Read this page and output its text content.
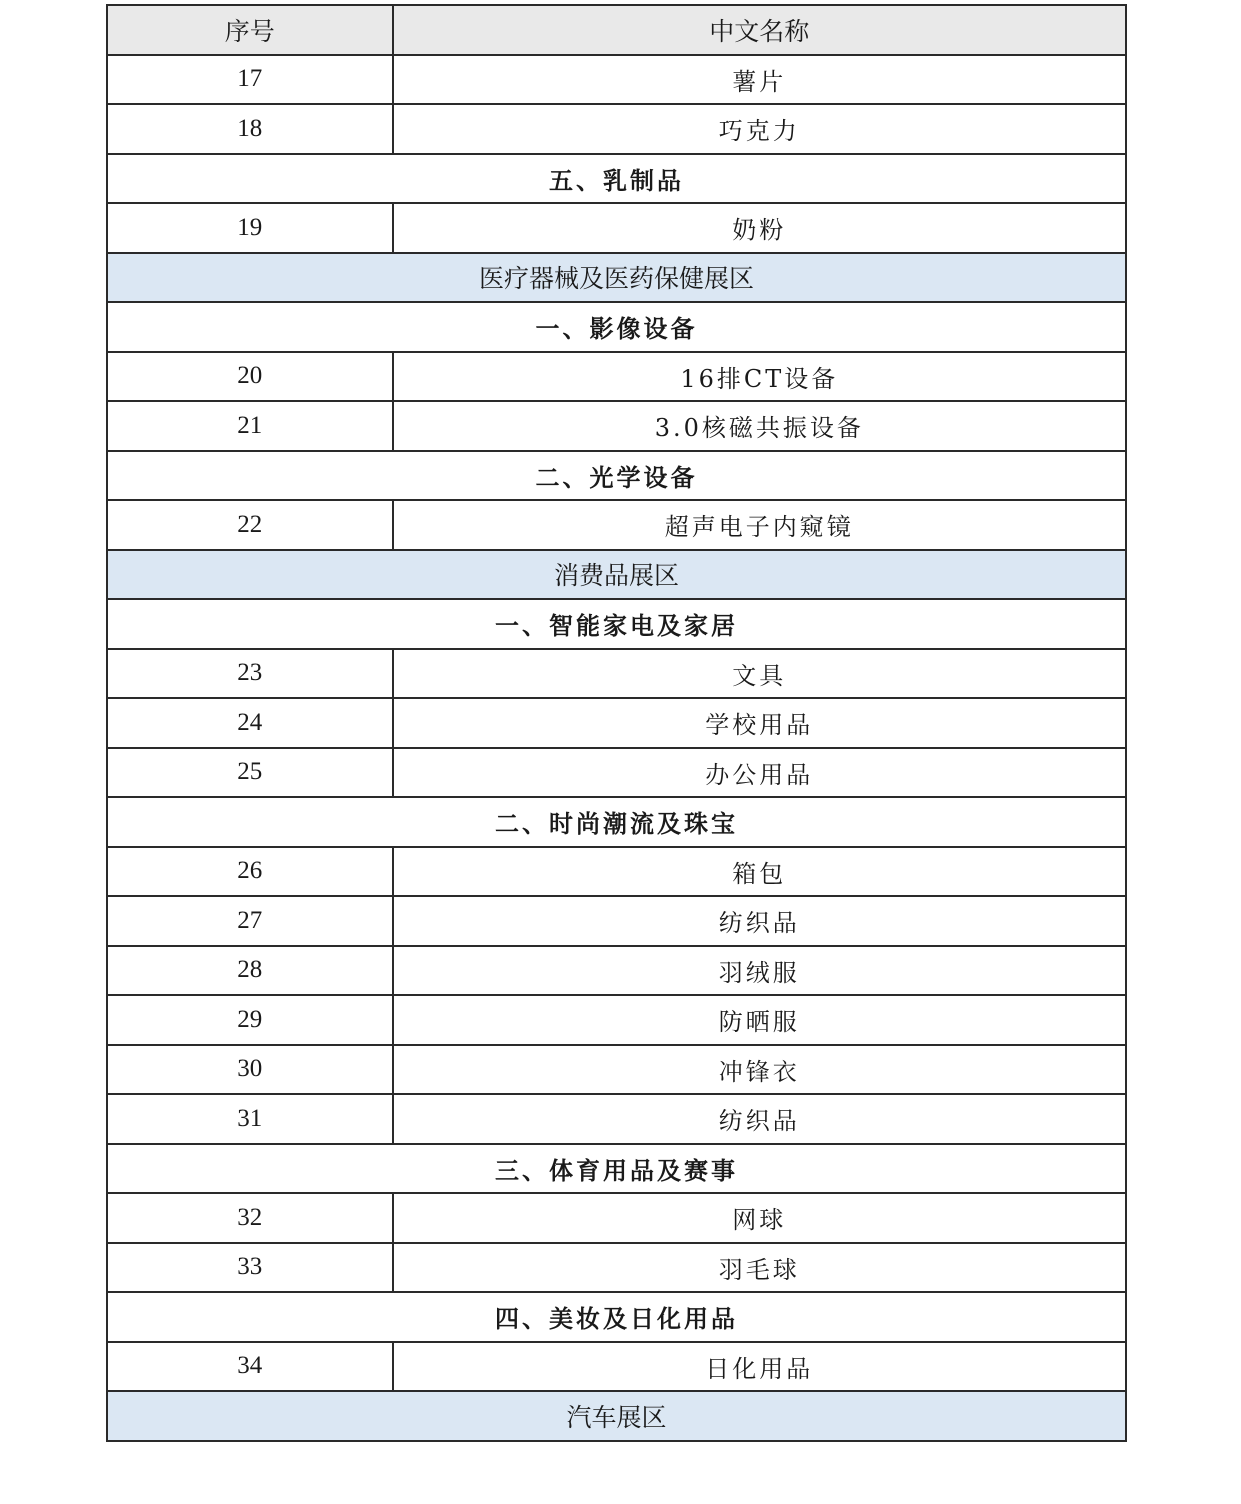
序号	中文名称
17	薯片
18	巧克力
五、乳制品	
19	奶粉
医疗器械及医药保健展区	
一、影像设备	
20	16排CT设备
21	3.0核磁共振设备
二、光学设备	
22	超声电子内窥镜
消费品展区	
一、智能家电及家居	
23	文具
24	学校用品
25	办公用品
二、时尚潮流及珠宝	
26	箱包
27	纺织品
28	羽绒服
29	防晒服
30	冲锋衣
31	纺织品
三、体育用品及赛事	
32	网球
33	羽毛球
四、美妆及日化用品	
34	日化用品
汽车展区	
